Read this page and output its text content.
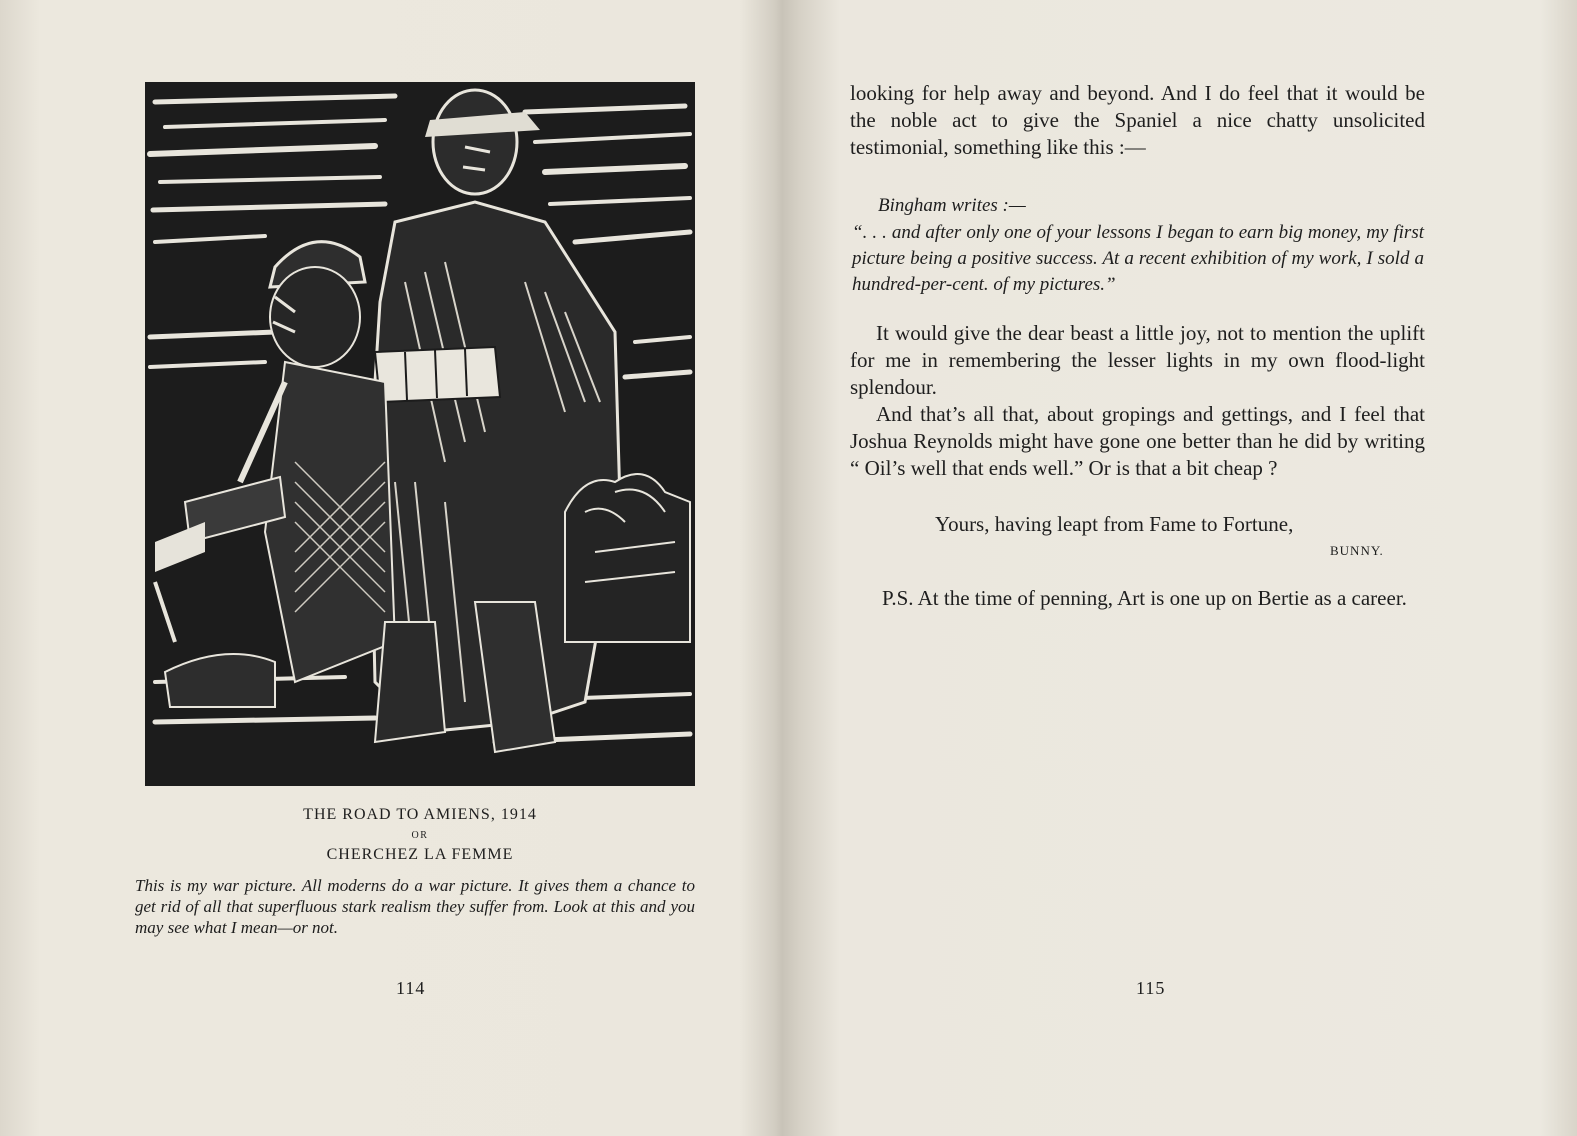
THE ROAD TO AMIENS, 1914
OR
CHERCHEZ LA FEMME
This is my war picture. All moderns do a war picture. It gives them a chance to get rid of all that superfluous stark realism they suffer from. Look at this and you may see what I mean—or not.
114
looking for help away and beyond. And I do feel that it would be the noble act to give the Spaniel a nice chatty unsolicited testimonial, something like this :—
Bingham writes :—
“. . . and after only one of your lessons I began to earn big money, my first picture being a positive success. At a recent exhibition of my work, I sold a hundred-per-cent. of my pictures.”
It would give the dear beast a little joy, not to mention the uplift for me in remembering the lesser lights in my own flood-light splendour.
And that’s all that, about gropings and gettings, and I feel that Joshua Reynolds might have gone one better than he did by writing “ Oil’s well that ends well.” Or is that a bit cheap ?
Yours, having leapt from Fame to Fortune,
BUNNY.
P.S. At the time of penning, Art is one up on Bertie as a career.
115
